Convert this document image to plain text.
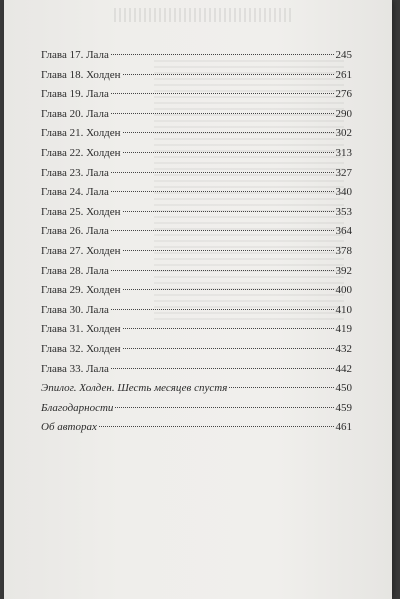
Глава 17. Лала	245
Глава 18. Холден	261
Глава 19. Лала	276
Глава 20. Лала	290
Глава 21. Холден	302
Глава 22. Холден	313
Глава 23. Лала	327
Глава 24. Лала	340
Глава 25. Холден	353
Глава 26. Лала	364
Глава 27. Холден	378
Глава 28. Лала	392
Глава 29. Холден	400
Глава 30. Лала	410
Глава 31. Холден	419
Глава 32. Холден	432
Глава 33. Лала	442
Эпилог. Холден. Шесть месяцев спустя	450
Благодарности	459
Об авторах	461
